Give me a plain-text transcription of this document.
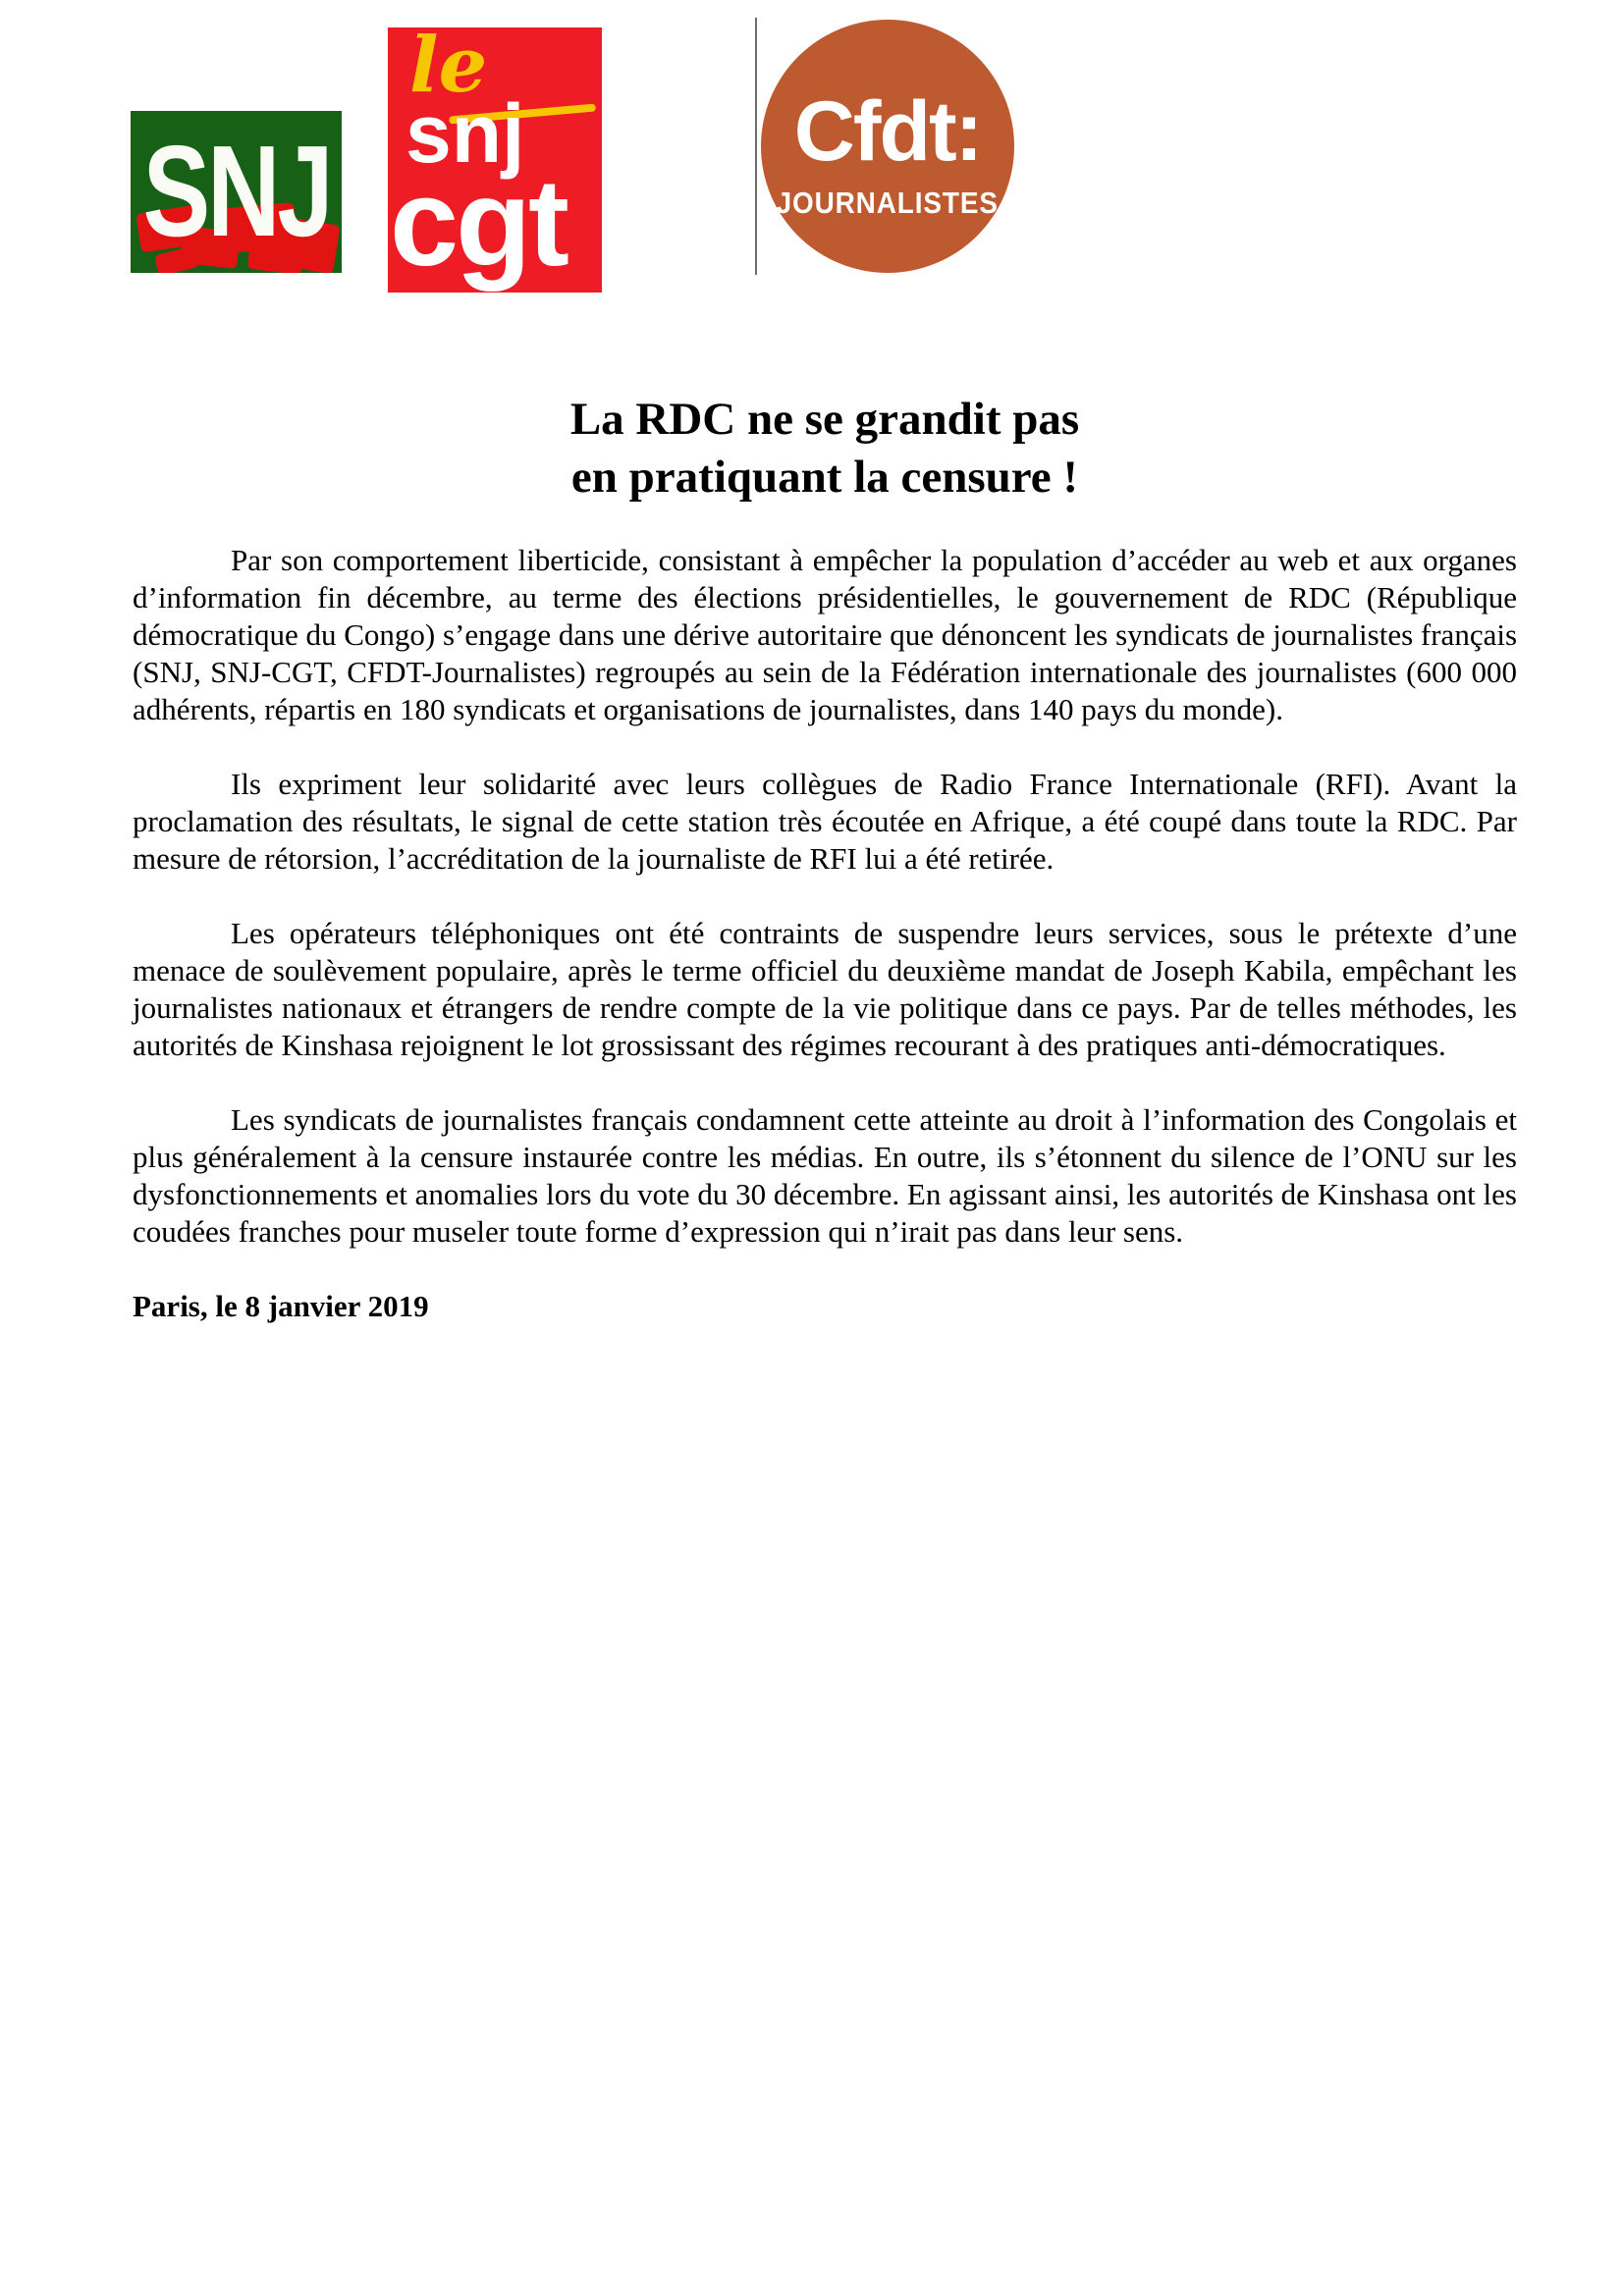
SNJ
le
snj
cgt
Cfdt:
JOURNALISTES
La RDC ne se grandit pas
en pratiquant la censure !

Par son comportement liberticide, consistant à empêcher la population d’accéder au web et aux organes d’information fin décembre, au terme des élections présidentielles, le gouvernement de RDC (République démocratique du Congo) s’engage dans une dérive autoritaire que dénoncent les syndicats de journalistes français (SNJ, SNJ-CGT, CFDT-Journalistes) regroupés au sein de la Fédération internationale des journalistes (600 000 adhérents, répartis en 180 syndicats et organisations de journalistes, dans 140 pays du monde).

Ils expriment leur solidarité avec leurs collègues de Radio France Internationale (RFI). Avant la proclamation des résultats, le signal de cette station très écoutée en Afrique, a été coupé dans toute la RDC. Par mesure de rétorsion, l’accréditation de la journaliste de RFI lui a été retirée.

Les opérateurs téléphoniques ont été contraints de suspendre leurs services, sous le prétexte d’une menace de soulèvement populaire, après le terme officiel du deuxième mandat de Joseph Kabila, empêchant les journalistes nationaux et étrangers de rendre compte de la vie politique dans ce pays. Par de telles méthodes, les autorités de Kinshasa rejoignent le lot grossissant des régimes recourant à des pratiques anti-démocratiques.

Les syndicats de journalistes français condamnent cette atteinte au droit à l’information des Congolais et plus généralement à la censure instaurée contre les médias. En outre, ils s’étonnent du silence de l’ONU sur les dysfonctionnements et anomalies lors du vote du 30 décembre. En agissant ainsi, les autorités de Kinshasa ont les coudées franches pour museler toute forme d’expression qui n’irait pas dans leur sens.

Paris, le 8 janvier 2019
